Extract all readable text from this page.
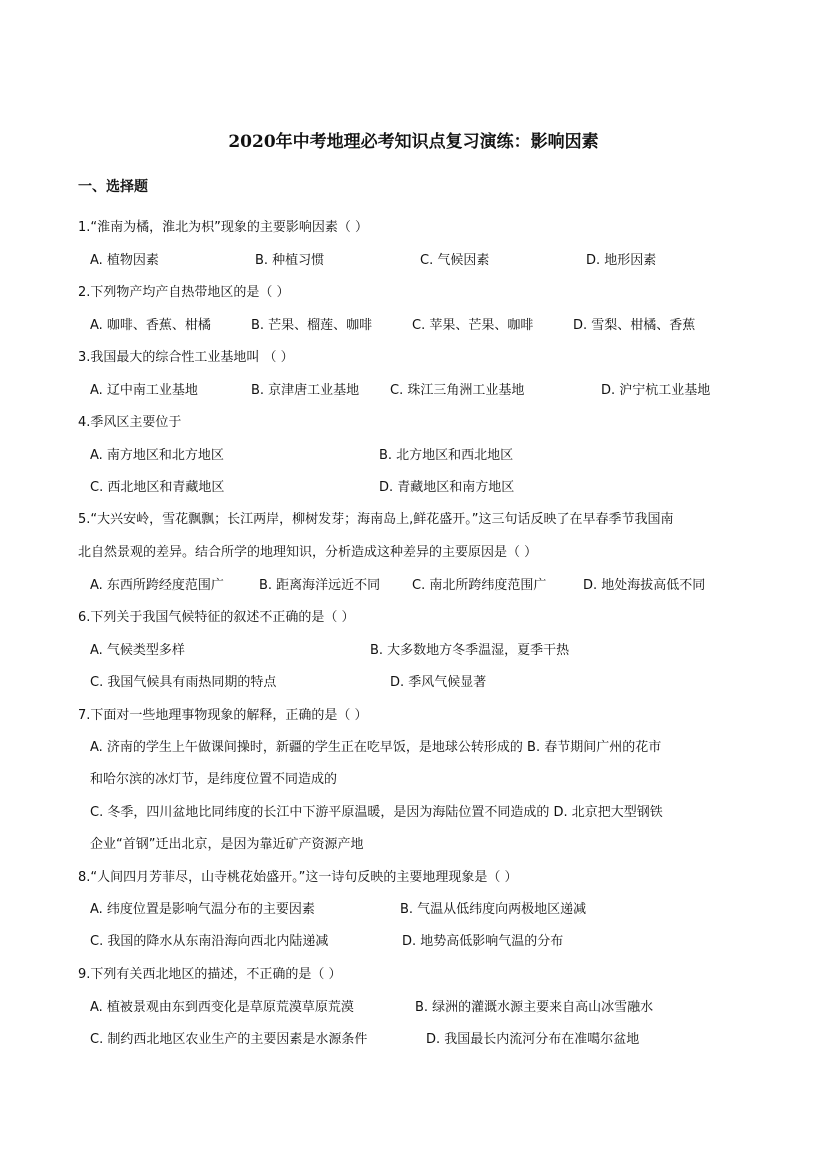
2020年中考地理必考知识点复习演练：影响因素
一、选择题
1.“淮南为橘，淮北为枳”现象的主要影响因素（ ）
A. 植物因素	B. 种植习惯	C. 气候因素	D. 地形因素
2.下列物产均产自热带地区的是（ ）
A. 咖啡、香蕉、柑橘	B. 芒果、榴莲、咖啡	C. 苹果、芒果、咖啡	D. 雪梨、柑橘、香蕉
3.我国最大的综合性工业基地叫 （ ）
A. 辽中南工业基地	B. 京津唐工业基地 C. 珠江三角洲工业基地	D. 沪宁杭工业基地
4.季风区主要位于
A. 南方地区和北方地区	B. 北方地区和西北地区
C. 西北地区和青藏地区	D. 青藏地区和南方地区
5.“大兴安岭，雪花飘飘；长江两岸，柳树发芽；海南岛上,鲜花盛开。”这三句话反映了在早春季节我国南
北自然景观的差异。结合所学的地理知识，分析造成这种差异的主要原因是（ ）
A. 东西所跨经度范围广	B. 距离海洋远近不同 C. 南北所跨纬度范围广	D. 地处海拔高低不同
6.下列关于我国气候特征的叙述不正确的是（ ）
A. 气候类型多样	B. 大多数地方冬季温湿，夏季干热
C. 我国气候具有雨热同期的特点	D. 季风气候显著
7.下面对一些地理事物现象的解释，正确的是（ ）
A. 济南的学生上午做课间操时，新疆的学生正在吃早饭，是地球公转形成的 B. 春节期间广州的花市
和哈尔滨的冰灯节，是纬度位置不同造成的
C. 冬季，四川盆地比同纬度的长江中下游平原温暖，是因为海陆位置不同造成的 D. 北京把大型钢铁
企业“首钢”迁出北京，是因为靠近矿产资源产地
8.“人间四月芳菲尽，山寺桃花始盛开。”这一诗句反映的主要地理现象是（ ）
A. 纬度位置是影响气温分布的主要因素	B. 气温从低纬度向两极地区递减
C. 我国的降水从东南沿海向西北内陆递减	D. 地势高低影响气温的分布
9.下列有关西北地区的描述，不正确的是（ ）
A. 植被景观由东到西变化是草原荒漠草原荒漠	B. 绿洲的灌溉水源主要来自高山冰雪融水
C. 制约西北地区农业生产的主要因素是水源条件	D. 我国最长内流河分布在准噶尔盆地
